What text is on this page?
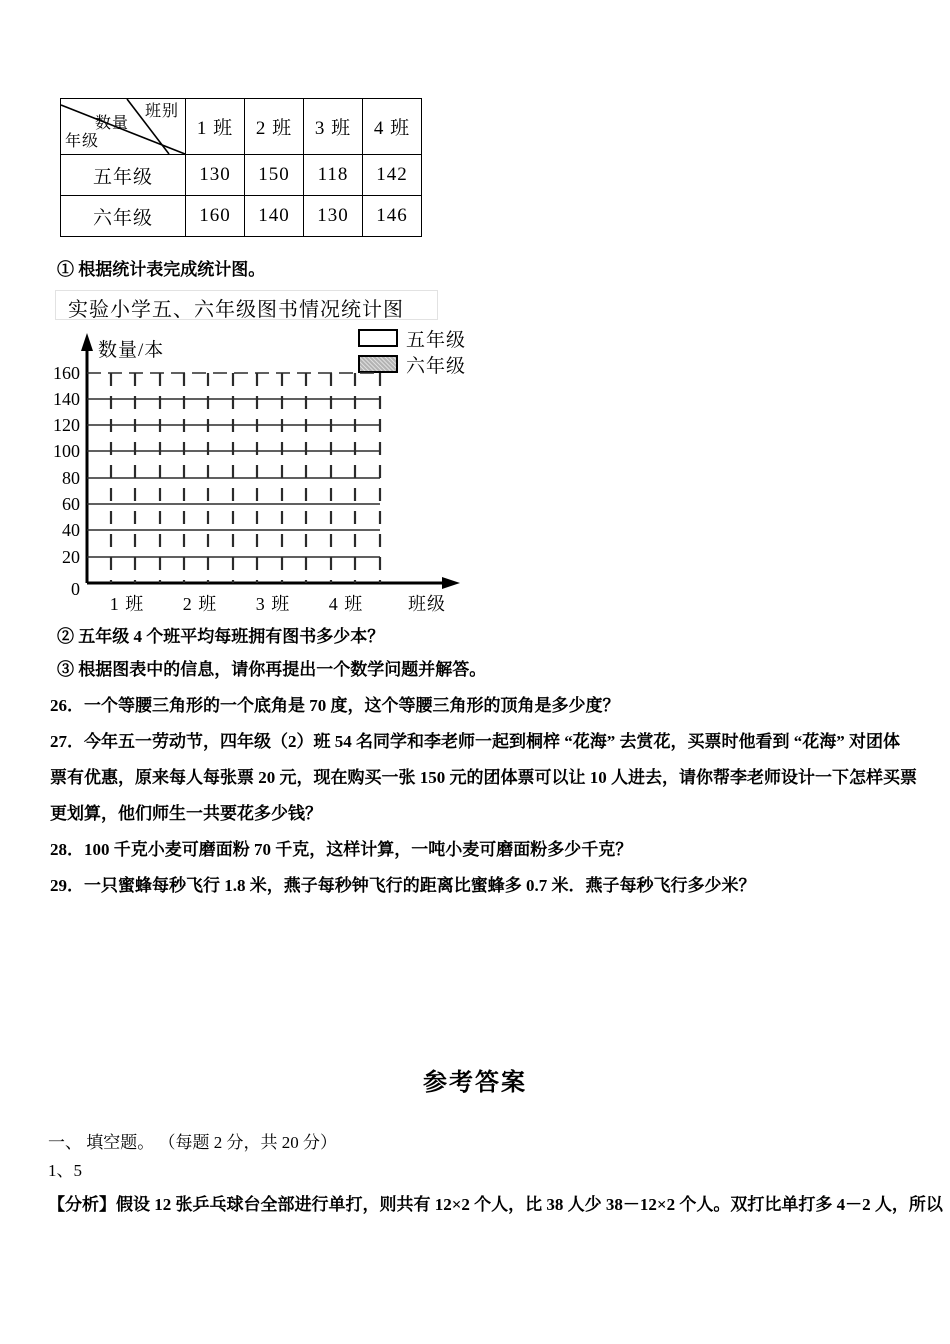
班别
数量
年级	1 班	2 班	3 班	4 班
五年级	130	150	118	142
六年级	160	140	130	146
① 根据统计表完成统计图。
实验小学五、六年级图书情况统计图
五年级
六年级
数量/本
160
140
120
100
80
60
40
20
0
1 班	2 班	3 班	4 班	班级
② 五年级 4 个班平均每班拥有图书多少本？
③ 根据图表中的信息，请你再提出一个数学问题并解答。
26．一个等腰三角形的一个底角是 70 度，这个等腰三角形的顶角是多少度？
27．今年五一劳动节，四年级（2）班 54 名同学和李老师一起到桐梓 “花海” 去赏花，买票时他看到 “花海” 对团体
票有优惠，原来每人每张票 20 元，现在购买一张 150 元的团体票可以让 10 人进去，请你帮李老师设计一下怎样买票
更划算，他们师生一共要花多少钱？
28．100 千克小麦可磨面粉 70 千克，这样计算，一吨小麦可磨面粉多少千克？
29．一只蜜蜂每秒飞行 1.8 米，燕子每秒钟飞行的距离比蜜蜂多 0.7 米．燕子每秒飞行多少米？
参考答案
一、 填空题。 （每题 2 分，共 20 分）
1、5
【分析】假设 12 张乒乓球台全部进行单打，则共有 12×2 个人，比 38 人少 38－12×2 个人。双打比单打多 4－2 人，所以
